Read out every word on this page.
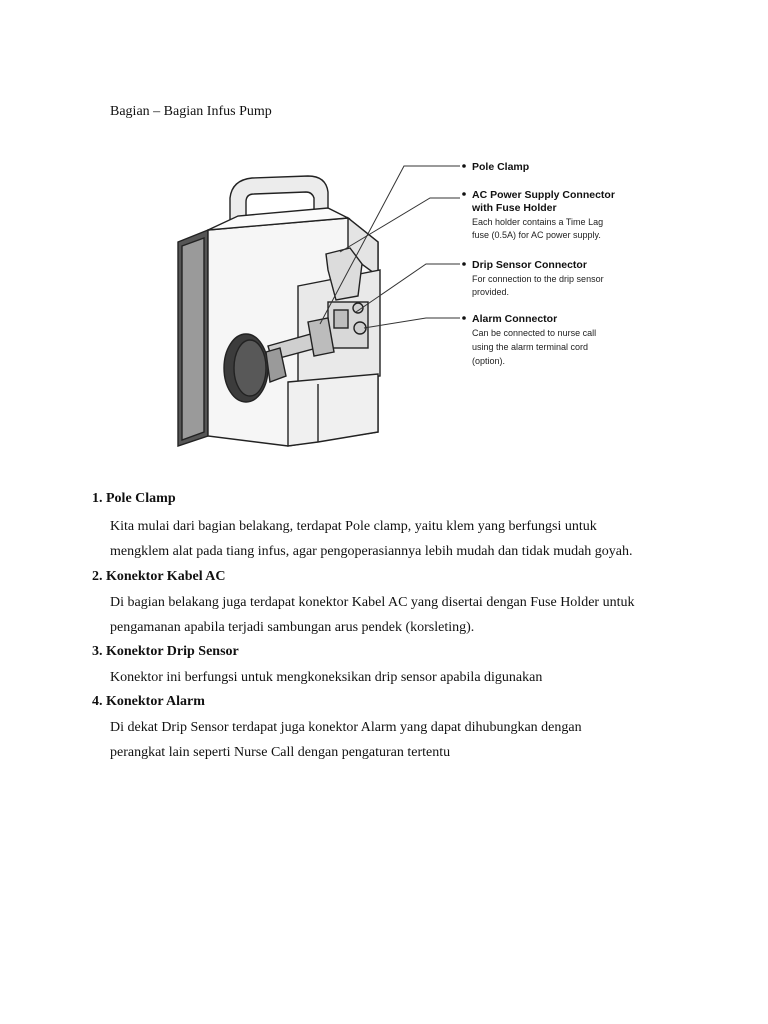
Bagian – Bagian Infus Pump
Pole Clamp
AC Power Supply Connector
with Fuse Holder
Each holder contains a Time Lag
fuse (0.5A) for AC power supply.
Drip Sensor Connector
For connection to the drip sensor
provided.
Alarm Connector
Can be connected to nurse call
using the alarm terminal cord
(option).
1. Pole Clamp
Kita mulai dari bagian belakang, terdapat Pole clamp, yaitu klem yang berfungsi untuk
mengklem alat pada tiang infus, agar pengoperasiannya lebih mudah dan tidak mudah goyah.
2. Konektor Kabel AC
Di bagian belakang juga terdapat konektor Kabel AC yang disertai dengan Fuse Holder untuk
pengamanan apabila terjadi sambungan arus pendek (korsleting).
3. Konektor Drip Sensor
Konektor ini berfungsi untuk mengkoneksikan drip sensor apabila digunakan
4. Konektor Alarm
Di dekat Drip Sensor terdapat juga konektor Alarm yang dapat dihubungkan dengan
perangkat lain seperti Nurse Call dengan pengaturan tertentu
